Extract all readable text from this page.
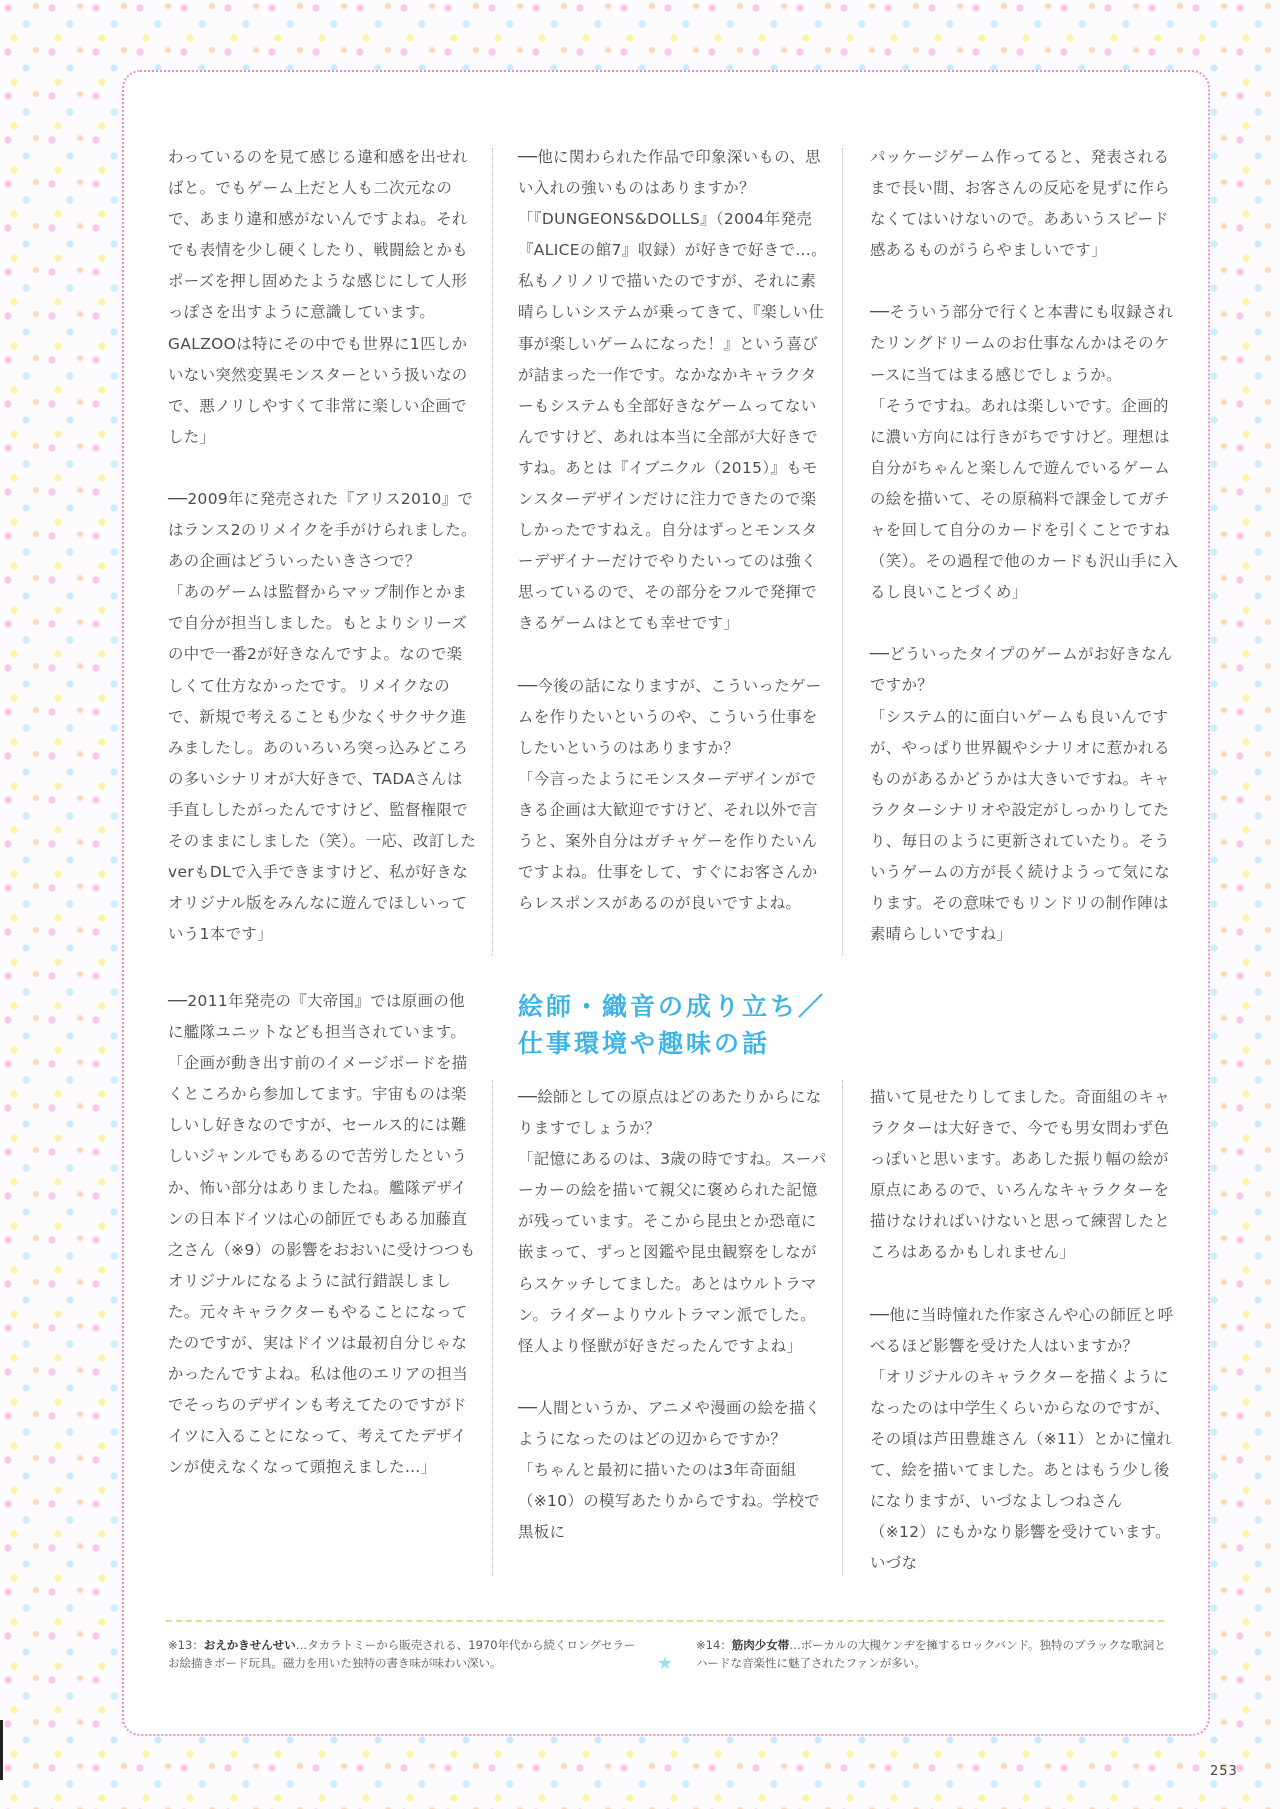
わっているのを見て感じる違和感を出せればと。でもゲーム上だと人も二次元なので、あまり違和感がないんですよね。それでも表情を少し硬くしたり、戦闘絵とかもポーズを押し固めたような感じにして人形っぽさを出すように意識しています。GALZOOは特にその中でも世界に1匹しかいない突然変異モンスターという扱いなので、悪ノリしやすくて非常に楽しい企画でした」

──2009年に発売された『アリス2010』ではランス2のリメイクを手がけられました。あの企画はどういったいきさつで？

「あのゲームは監督からマップ制作とかまで自分が担当しました。もとよりシリーズの中で一番2が好きなんですよ。なので楽しくて仕方なかったです。リメイクなので、新規で考えることも少なくサクサク進みましたし。あのいろいろ突っ込みどころの多いシナリオが大好きで、TADAさんは手直ししたがったんですけど、監督権限でそのままにしました（笑）。一応、改訂したverもDLで入手できますけど、私が好きなオリジナル版をみんなに遊んでほしいっていう1本です」

──他に関わられた作品で印象深いもの、思い入れの強いものはありますか？

「『DUNGEONS&DOLLS』（2004年発売『ALICEの館7』収録）が好きで好きで…。私もノリノリで描いたのですが、それに素晴らしいシステムが乗ってきて、『楽しい仕事が楽しいゲームになった！』という喜びが詰まった一作です。なかなかキャラクターもシステムも全部好きなゲームってないんですけど、あれは本当に全部が大好きですね。あとは『イブニクル（2015）』もモンスターデザインだけに注力できたので楽しかったですねえ。自分はずっとモンスターデザイナーだけでやりたいってのは強く思っているので、その部分をフルで発揮できるゲームはとても幸せです」

──今後の話になりますが、こういったゲームを作りたいというのや、こういう仕事をしたいというのはありますか？

「今言ったようにモンスターデザインができる企画は大歓迎ですけど、それ以外で言うと、案外自分はガチャゲーを作りたいんですよね。仕事をして、すぐにお客さんからレスポンスがあるのが良いですよね。

パッケージゲーム作ってると、発表されるまで長い間、お客さんの反応を見ずに作らなくてはいけないので。ああいうスピード感あるものがうらやましいです」

──そういう部分で行くと本書にも収録されたリングドリームのお仕事なんかはそのケースに当てはまる感じでしょうか。

「そうですね。あれは楽しいです。企画的に濃い方向には行きがちですけど。理想は自分がちゃんと楽しんで遊んでいるゲームの絵を描いて、その原稿料で課金してガチャを回して自分のカードを引くことですね（笑）。その過程で他のカードも沢山手に入るし良いことづくめ」

──どういったタイプのゲームがお好きなんですか？

「システム的に面白いゲームも良いんですが、やっぱり世界観やシナリオに惹かれるものがあるかどうかは大きいですね。キャラクターシナリオや設定がしっかりしてたり、毎日のように更新されていたり。そういうゲームの方が長く続けようって気になります。その意味でもリンドリの制作陣は素晴らしいですね」

絵師・織音の成り立ち／
仕事環境や趣味の話

──2011年発売の『大帝国』では原画の他に艦隊ユニットなども担当されています。

「企画が動き出す前のイメージボードを描くところから参加してます。宇宙ものは楽しいし好きなのですが、セールス的には難しいジャンルでもあるので苦労したというか、怖い部分はありましたね。艦隊デザインの日本ドイツは心の師匠でもある加藤直之さん（※9）の影響をおおいに受けつつもオリジナルになるように試行錯誤しました。元々キャラクターもやることになってたのですが、実はドイツは最初自分じゃなかったんですよね。私は他のエリアの担当でそっちのデザインも考えてたのですがドイツに入ることになって、考えてたデザインが使えなくなって頭抱えました…」

──絵師としての原点はどのあたりからになりますでしょうか？

「記憶にあるのは、3歳の時ですね。スーパーカーの絵を描いて親父に褒められた記憶が残っています。そこから昆虫とか恐竜に嵌まって、ずっと図鑑や昆虫観察をしながらスケッチしてました。あとはウルトラマン。ライダーよりウルトラマン派でした。怪人より怪獣が好きだったんですよね」

──人間というか、アニメや漫画の絵を描くようになったのはどの辺からですか？

「ちゃんと最初に描いたのは3年奇面組（※10）の模写あたりからですね。学校で黒板に

描いて見せたりしてました。奇面組のキャラクターは大好きで、今でも男女問わず色っぽいと思います。ああした振り幅の絵が原点にあるので、いろんなキャラクターを描けなければいけないと思って練習したところはあるかもしれません」

──他に当時憧れた作家さんや心の師匠と呼べるほど影響を受けた人はいますか？

「オリジナルのキャラクターを描くようになったのは中学生くらいからなのですが、その頃は芦田豊雄さん（※11）とかに憧れて、絵を描いてました。あとはもう少し後になりますが、いづなよしつねさん（※12）にもかなり影響を受けています。いづな

※13：おえかきせんせい…タカラトミーから販売される、1970年代から続くロングセラーお絵描きボード玩具。磁力を用いた独特の書き味が味わい深い。	★
※14：筋肉少女帯…ボーカルの大槻ケンヂを擁するロックバンド。独特のブラックな歌詞とハードな音楽性に魅了されたファンが多い。
253
